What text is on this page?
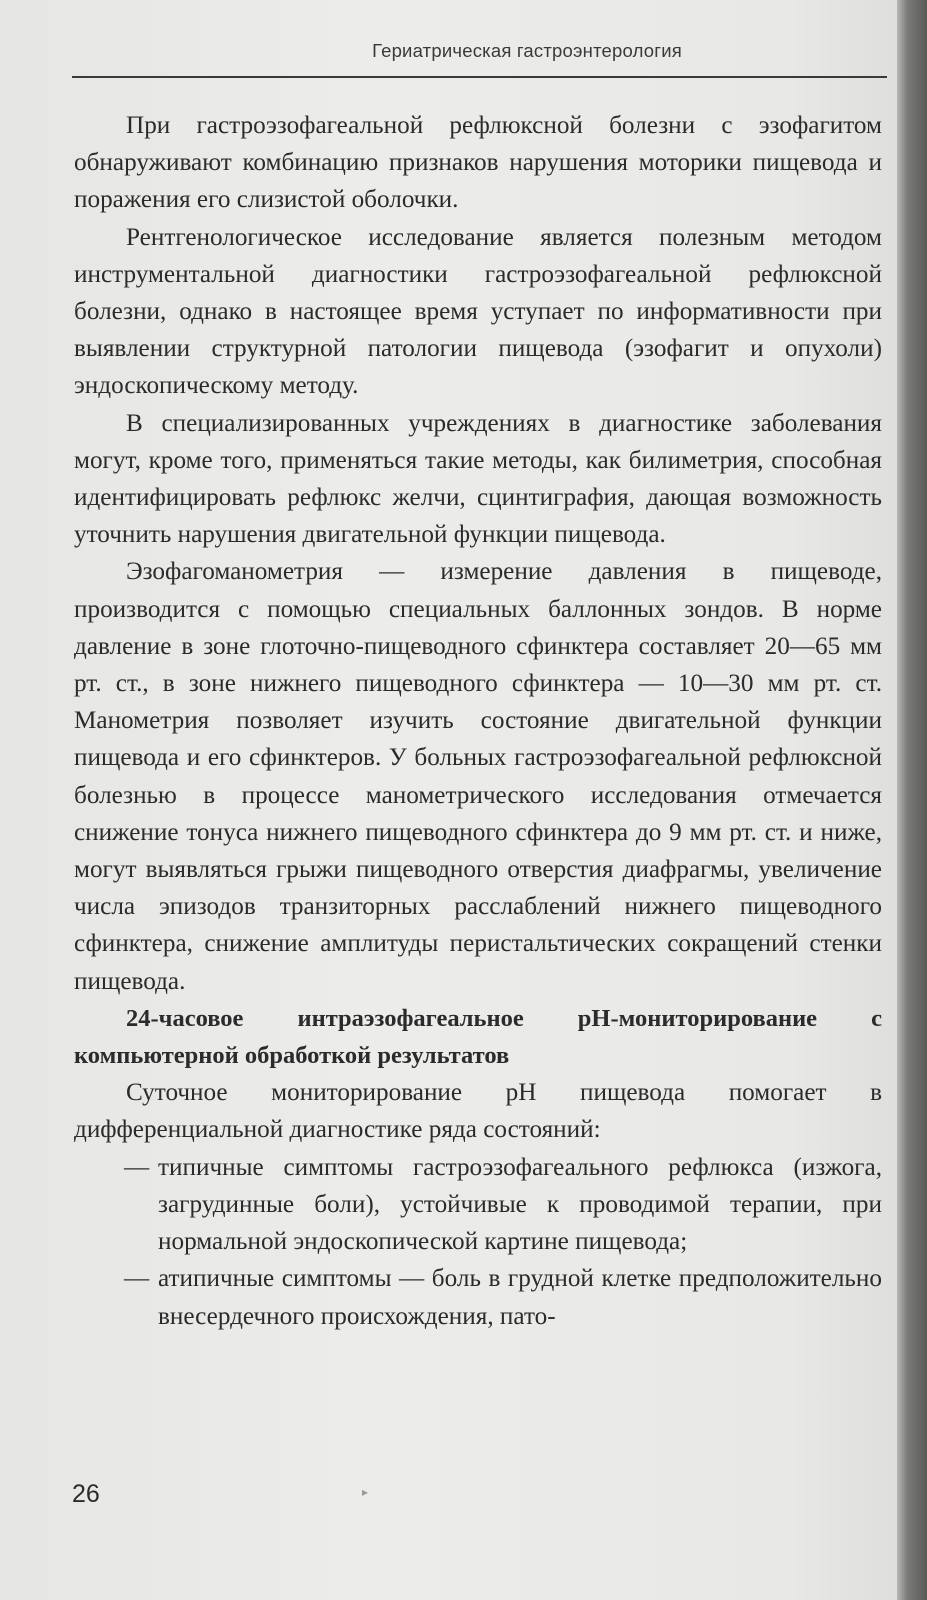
Гериатрическая гастроэнтерология

При гастроэзофагеальной рефлюксной болезни с эзофагитом обнаруживают комбинацию признаков нарушения моторики пищевода и поражения его слизистой оболочки.

Рентгенологическое исследование является полезным методом инструментальной диагностики гастроэзофагеальной рефлюксной болезни, однако в настоящее время уступает по информативности при выявлении структурной патологии пищевода (эзофагит и опухоли) эндоскопическому методу.

В специализированных учреждениях в диагностике заболевания могут, кроме того, применяться такие методы, как билиметрия, способная идентифицировать рефлюкс желчи, сцинтиграфия, дающая возможность уточнить нарушения двигательной функции пищевода.

Эзофагоманометрия — измерение давления в пищеводе, производится с помощью специальных баллонных зондов. В норме давление в зоне глоточно-пищеводного сфинктера составляет 20—65 мм рт. ст., в зоне нижнего пищеводного сфинктера — 10—30 мм рт. ст. Манометрия позволяет изучить состояние двигательной функции пищевода и его сфинктеров. У больных гастроэзофагеальной рефлюксной болезнью в процессе манометрического исследования отмечается снижение тонуса нижнего пищеводного сфинктера до 9 мм рт. ст. и ниже, могут выявляться грыжи пищеводного отверстия диафрагмы, увеличение числа эпизодов транзиторных расслаблений нижнего пищеводного сфинктера, снижение амплитуды перистальтических сокращений стенки пищевода.

24-часовое интраэзофагеальное pH-мониторирование с компьютерной обработкой результатов

Суточное мониторирование pH пищевода помогает в дифференциальной диагностике ряда состояний:

— типичные симптомы гастроэзофагеального рефлюкса (изжога, загрудинные боли), устойчивые к проводимой терапии, при нормальной эндоскопической картине пищевода;
— атипичные симптомы — боль в грудной клетке предположительно внесердечного происхождения, пато-
26	▸
